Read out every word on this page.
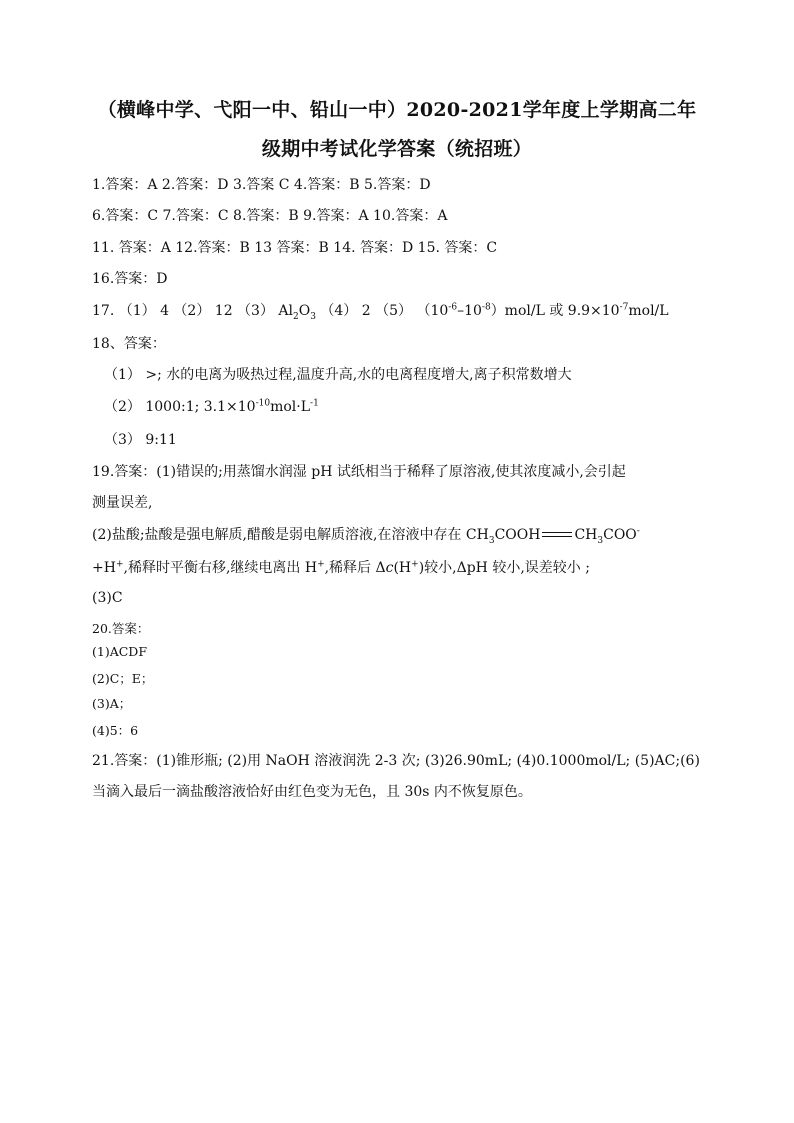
（横峰中学、弋阳一中、铅山一中）2020-2021学年度上学期高二年
级期中考试化学答案（统招班）
1.答案：A 2.答案：D 3.答案 C 4.答案：B 5.答案：D
6.答案：C 7.答案：C 8.答案：B 9.答案：A 10.答案：A
11. 答案：A 12.答案：B 13 答案：B 14. 答案：D 15. 答案：C
16.答案：D
17. （1） 4 （2） 12 （3） $Al_2O_3$ （4） 2 （5） $(10^{-6}-10^{-8})mol/L$ 或 $9.9\times 10^{-7}mol/L$
18、答案：
（1） >; 水的电离为吸热过程,温度升高,水的电离程度增大,离子积常数增大
（2） 1000:1; $3.1\times 10^{-10}mol\cdot L^{-1}$
（3） 9:11
19.答案：(1)错误的;用蒸馏水润湿 pH 试纸相当于稀释了原溶液,使其浓度减小,会引起
测量误差,
(2)盐酸;盐酸是强电解质,醋酸是弱电解质溶液,在溶液中存在 $CH_3COOH$ $CH_3COO^-$
+H+,稀释时平衡右移,继续电离出 H+,稀释后 Δc(H+)较小,ΔpH 较小,误差较小 ;
(3)C
20.答案：
(1)ACDF
(2)C；E；
(3)A；
(4)5：6
21.答案：(1)锥形瓶; (2)用 NaOH 溶液润洗 2-3 次; (3)26.90mL; (4)0.1000mol/L; (5)AC;(6)
当滴入最后一滴盐酸溶液恰好由红色变为无色，且 30s 内不恢复原色。
